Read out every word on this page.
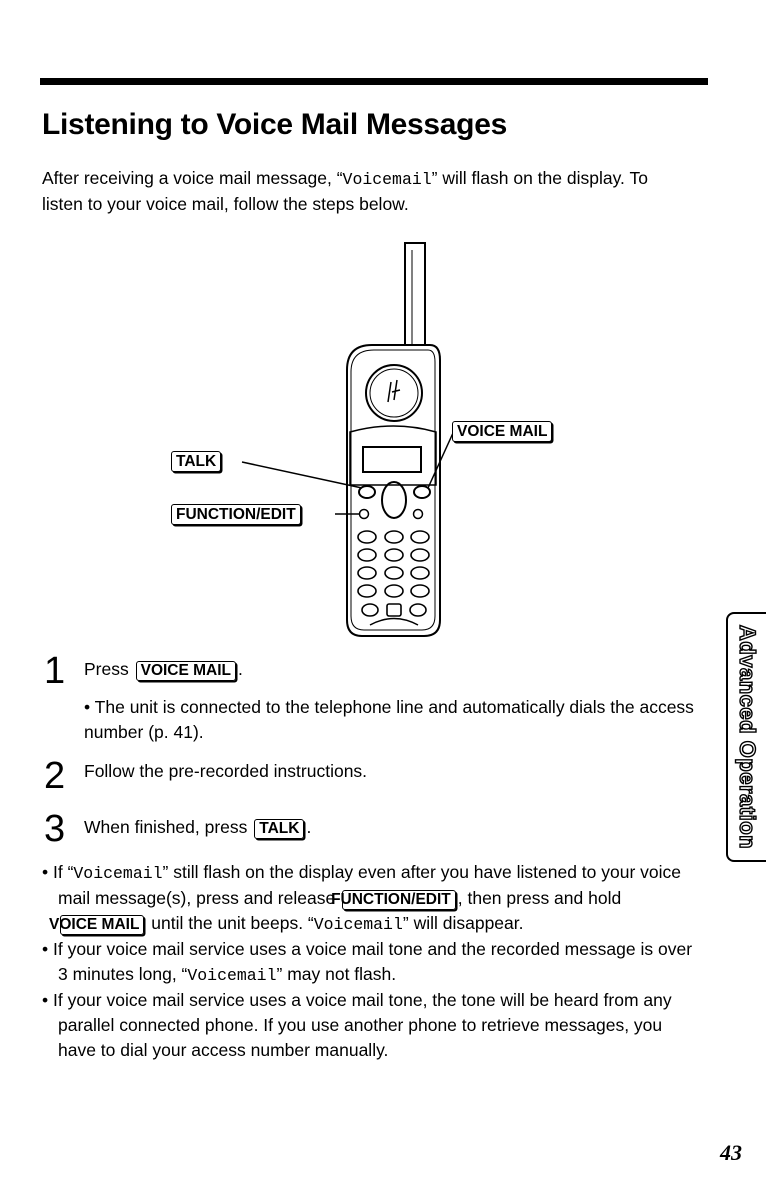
Listening to Voice Mail Messages

After receiving a voice mail message, “Voicemail” will flash on the display. To listen to your voice mail, follow the steps below.

TALK
FUNCTION/EDIT
VOICE MAIL
1 Press VOICE MAIL .
• The unit is connected to the telephone line and automatically dials the access number (p. 41).
2 Follow the pre-recorded instructions.
3 When finished, press TALK .
• If “Voicemail” still flash on the display even after you have listened to your voice mail message(s), press and release FUNCTION/EDIT , then press and hold VOICE MAIL until the unit beeps. “Voicemail” will disappear.
• If your voice mail service uses a voice mail tone and the recorded message is over 3 minutes long, “Voicemail” may not flash.
• If your voice mail service uses a voice mail tone, the tone will be heard from any parallel connected phone. If you use another phone to retrieve messages, you have to dial your access number manually.
Advanced Operation
43
